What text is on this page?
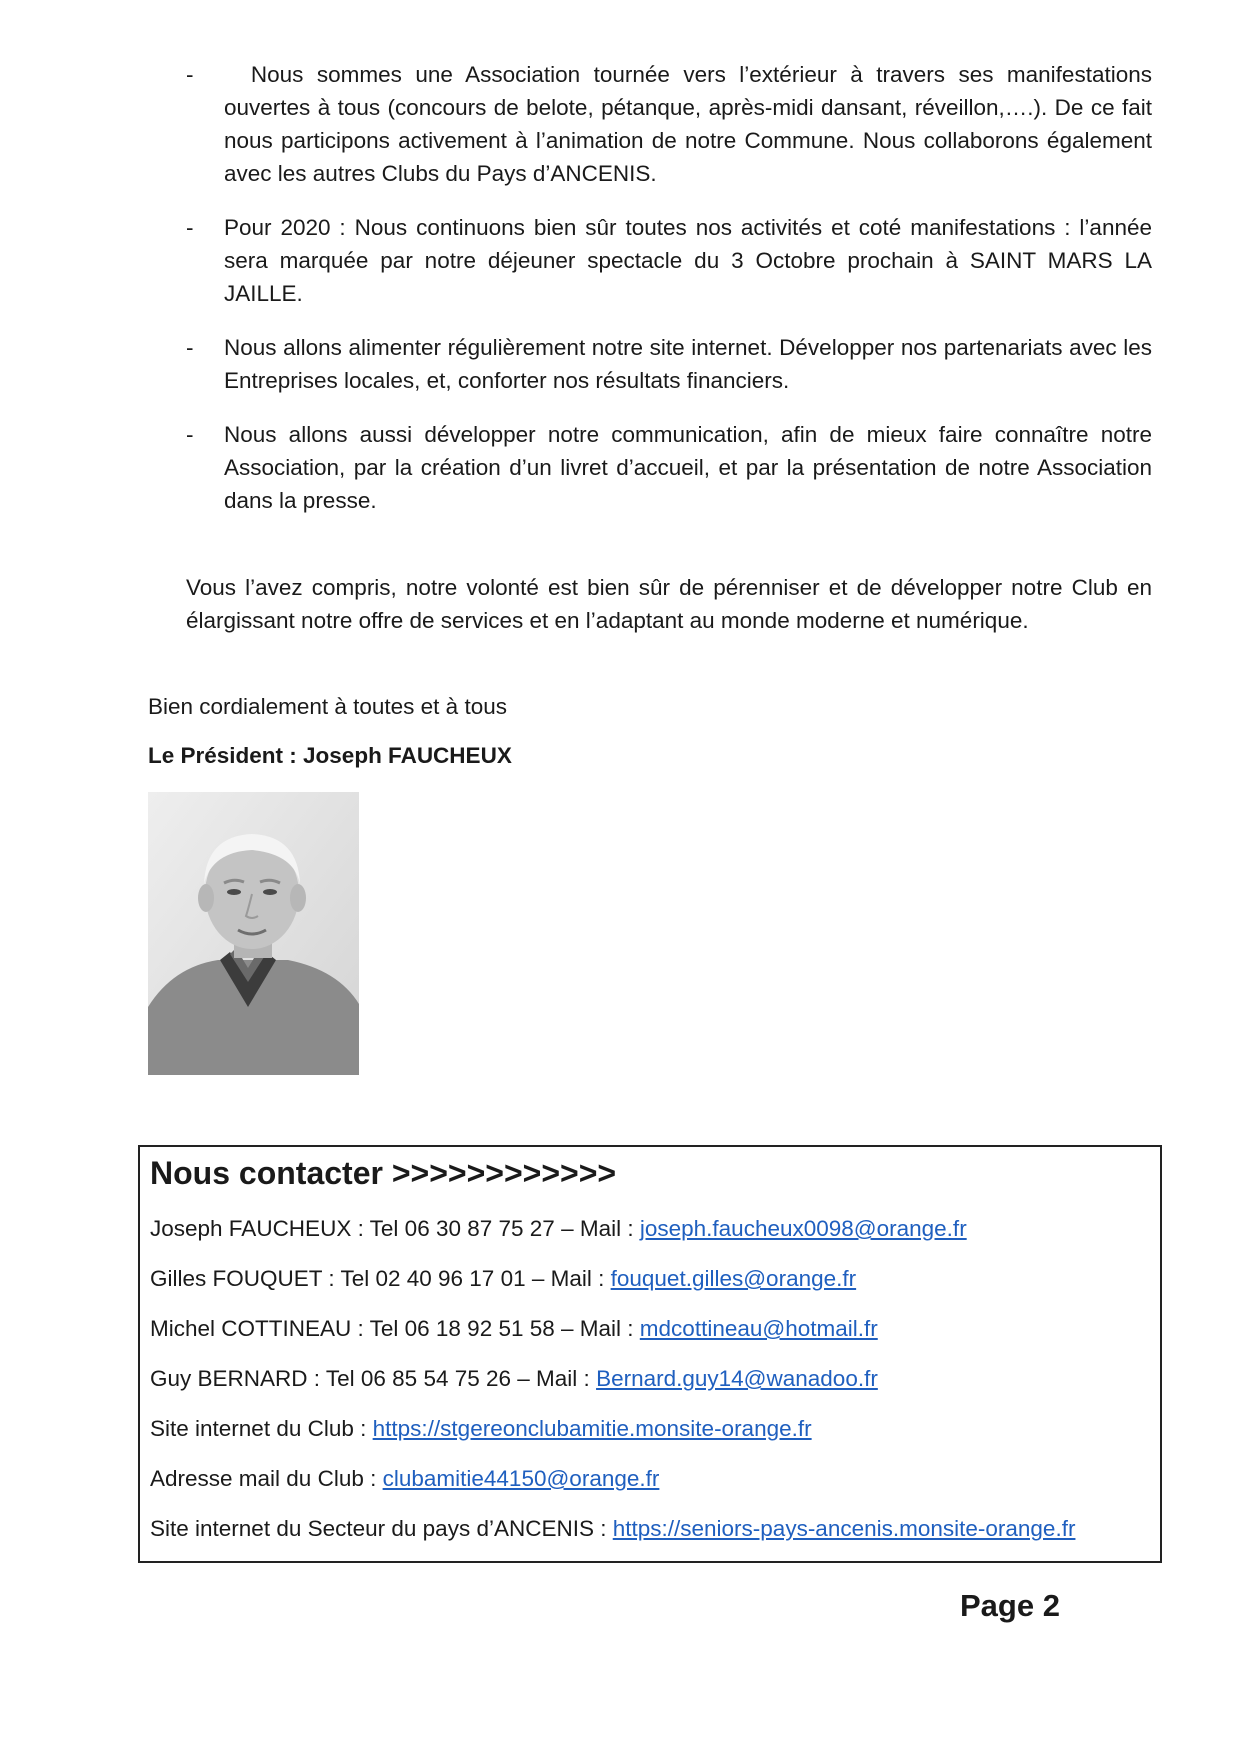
- Nous sommes une Association tournée vers l’extérieur à travers ses manifestations ouvertes à tous (concours de belote, pétanque, après-midi dansant, réveillon,….). De ce fait nous participons activement à l’animation de notre Commune. Nous collaborons également avec les autres Clubs du Pays d’ANCENIS.
- Pour 2020 : Nous continuons bien sûr toutes nos activités et coté manifestations : l’année sera marquée par notre déjeuner spectacle du 3 Octobre prochain à SAINT MARS LA JAILLE.
- Nous allons alimenter régulièrement notre site internet. Développer nos partenariats avec les Entreprises locales, et, conforter nos résultats financiers.
- Nous allons aussi développer notre communication, afin de mieux faire connaître notre Association, par la création d’un livret d’accueil, et par la présentation de notre Association dans la presse.
Vous l’avez compris, notre volonté est bien sûr de pérenniser et de développer notre Club en élargissant notre offre de services et en l’adaptant au monde moderne et numérique.
Bien cordialement à toutes et à tous
Le Président : Joseph FAUCHEUX
Nous contacter >>>>>>>>>>>>
Joseph FAUCHEUX : Tel 06 30 87 75 27 – Mail : joseph.faucheux0098@orange.fr
Gilles FOUQUET : Tel 02 40 96 17 01 – Mail : fouquet.gilles@orange.fr
Michel COTTINEAU : Tel 06 18 92 51 58 – Mail : mdcottineau@hotmail.fr
Guy BERNARD : Tel 06 85 54 75 26 – Mail : Bernard.guy14@wanadoo.fr
Site internet du Club : https://stgereonclubamitie.monsite-orange.fr
Adresse mail du Club : clubamitie44150@orange.fr
Site internet du Secteur du pays d’ANCENIS : https://seniors-pays-ancenis.monsite-orange.fr
Page 2
